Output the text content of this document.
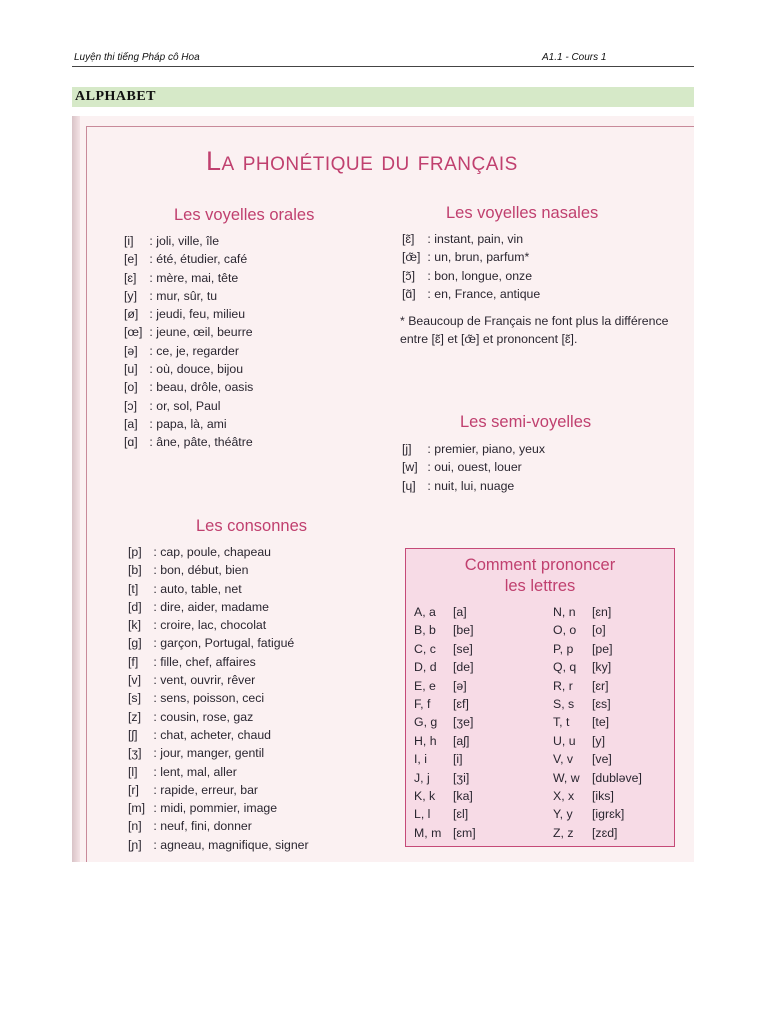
Luyện thi tiếng Pháp cô Hoa	A1.1 - Cours 1
ALPHABET
La phonétique du français
Les voyelles orales
[i] : joli, ville, île
[e] : été, étudier, café
[ɛ] : mère, mai, tête
[y] : mur, sûr, tu
[ø] : jeudi, feu, milieu
[œ] : jeune, œil, beurre
[ə] : ce, je, regarder
[u] : où, douce, bijou
[o] : beau, drôle, oasis
[ɔ] : or, sol, Paul
[a] : papa, là, ami
[ɑ] : âne, pâte, théâtre
Les voyelles nasales
[ɛ̃] : instant, pain, vin
[œ̃] : un, brun, parfum*
[ɔ̃] : bon, longue, onze
[ɑ̃] : en, France, antique
* Beaucoup de Français ne font plus la différence entre [ɛ̃] et [œ̃] et prononcent [ɛ̃].
Les semi-voyelles
[j] : premier, piano, yeux
[w] : oui, ouest, louer
[ɥ] : nuit, lui, nuage
Les consonnes
[p] : cap, poule, chapeau
[b] : bon, début, bien
[t] : auto, table, net
[d] : dire, aider, madame
[k] : croire, lac, chocolat
[g] : garçon, Portugal, fatigué
[f] : fille, chef, affaires
[v] : vent, ouvrir, rêver
[s] : sens, poisson, ceci
[z] : cousin, rose, gaz
[ʃ] : chat, acheter, chaud
[ʒ] : jour, manger, gentil
[l] : lent, mal, aller
[r] : rapide, erreur, bar
[m] : midi, pommier, image
[n] : neuf, fini, donner
[ɲ] : agneau, magnifique, signer
Comment prononcer
les lettres
A, a [a]
B, b [be]
C, c [se]
D, d [de]
E, e [ə]
F, f [ɛf]
G, g [ʒe]
H, h [aʃ]
I, i [i]
J, j [ʒi]
K, k [ka]
L, l [ɛl]
M, m [ɛm]
N, n [ɛn]
O, o [o]
P, p [pe]
Q, q [ky]
R, r [ɛr]
S, s [ɛs]
T, t [te]
U, u [y]
V, v [ve]
W, w [dubləve]
X, x [iks]
Y, y [igrɛk]
Z, z [zɛd]
